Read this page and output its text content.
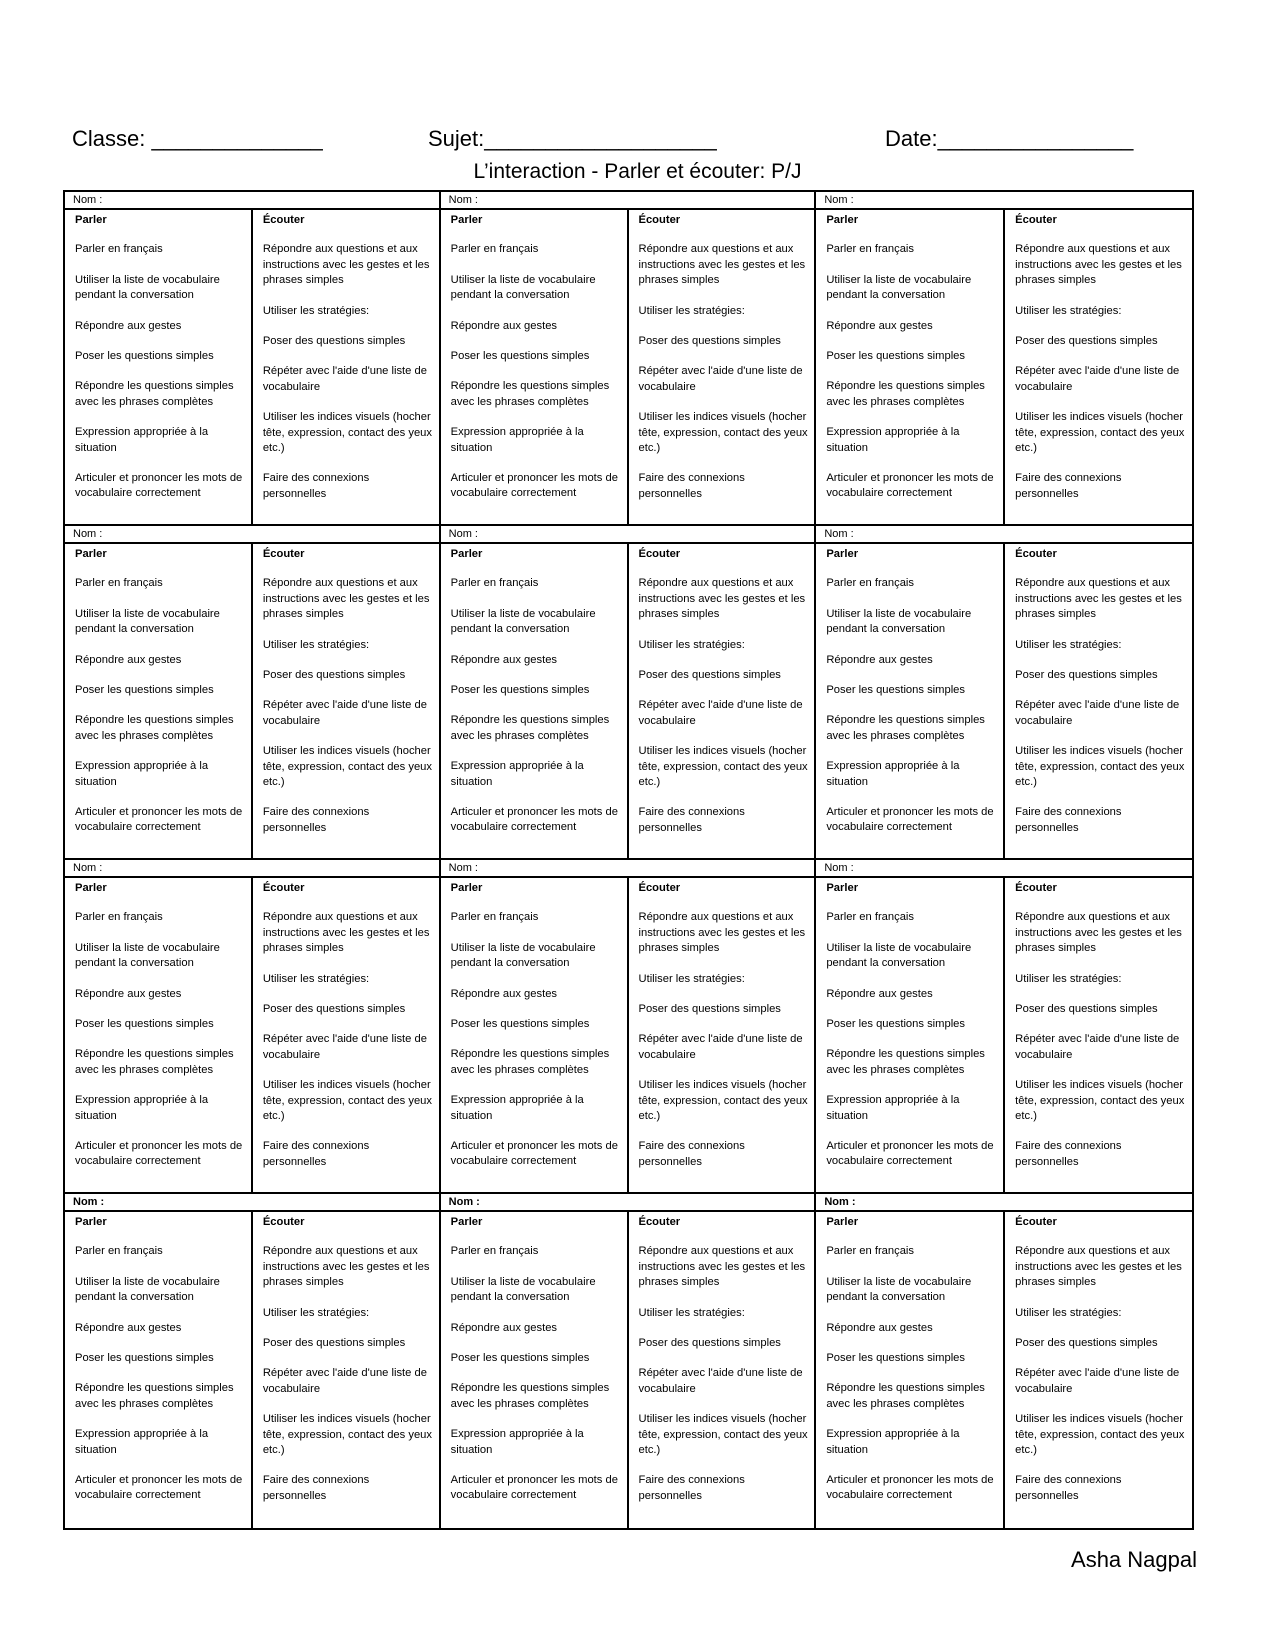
Classe: ______________	Sujet:___________________	Date:________________
L’interaction - Parler et écouter: P/J
Nom :
Parler
Parler en français
Utiliser la liste de vocabulaire pendant la conversation
Répondre aux gestes
Poser les questions simples
Répondre les questions simples avec les phrases complètes
Expression appropriée à la situation
Articuler et prononcer les mots de vocabulaire correctement
Écouter
Répondre aux questions et aux instructions avec les gestes et les phrases simples
Utiliser les stratégies:
Poser des questions simples
Répéter avec l'aide d'une liste de vocabulaire
Utiliser les indices visuels (hocher tête, expression, contact des yeux etc.)
Faire des connexions personnelles
Nom :
Parler
Parler en français
Utiliser la liste de vocabulaire pendant la conversation
Répondre aux gestes
Poser les questions simples
Répondre les questions simples avec les phrases complètes
Expression appropriée à la situation
Articuler et prononcer les mots de vocabulaire correctement
Écouter
Répondre aux questions et aux instructions avec les gestes et les phrases simples
Utiliser les stratégies:
Poser des questions simples
Répéter avec l'aide d'une liste de vocabulaire
Utiliser les indices visuels (hocher tête, expression, contact des yeux etc.)
Faire des connexions personnelles
Nom :
Parler
Parler en français
Utiliser la liste de vocabulaire pendant la conversation
Répondre aux gestes
Poser les questions simples
Répondre les questions simples avec les phrases complètes
Expression appropriée à la situation
Articuler et prononcer les mots de vocabulaire correctement
Écouter
Répondre aux questions et aux instructions avec les gestes et les phrases simples
Utiliser les stratégies:
Poser des questions simples
Répéter avec l'aide d'une liste de vocabulaire
Utiliser les indices visuels (hocher tête, expression, contact des yeux etc.)
Faire des connexions personnelles
Nom :
Parler
Parler en français
Utiliser la liste de vocabulaire pendant la conversation
Répondre aux gestes
Poser les questions simples
Répondre les questions simples avec les phrases complètes
Expression appropriée à la situation
Articuler et prononcer les mots de vocabulaire correctement
Écouter
Répondre aux questions et aux instructions avec les gestes et les phrases simples
Utiliser les stratégies:
Poser des questions simples
Répéter avec l'aide d'une liste de vocabulaire
Utiliser les indices visuels (hocher tête, expression, contact des yeux etc.)
Faire des connexions personnelles
Nom :
Parler
Parler en français
Utiliser la liste de vocabulaire pendant la conversation
Répondre aux gestes
Poser les questions simples
Répondre les questions simples avec les phrases complètes
Expression appropriée à la situation
Articuler et prononcer les mots de vocabulaire correctement
Écouter
Répondre aux questions et aux instructions avec les gestes et les phrases simples
Utiliser les stratégies:
Poser des questions simples
Répéter avec l'aide d'une liste de vocabulaire
Utiliser les indices visuels (hocher tête, expression, contact des yeux etc.)
Faire des connexions personnelles
Nom :
Parler
Parler en français
Utiliser la liste de vocabulaire pendant la conversation
Répondre aux gestes
Poser les questions simples
Répondre les questions simples avec les phrases complètes
Expression appropriée à la situation
Articuler et prononcer les mots de vocabulaire correctement
Écouter
Répondre aux questions et aux instructions avec les gestes et les phrases simples
Utiliser les stratégies:
Poser des questions simples
Répéter avec l'aide d'une liste de vocabulaire
Utiliser les indices visuels (hocher tête, expression, contact des yeux etc.)
Faire des connexions personnelles
Nom :
Parler
Parler en français
Utiliser la liste de vocabulaire pendant la conversation
Répondre aux gestes
Poser les questions simples
Répondre les questions simples avec les phrases complètes
Expression appropriée à la situation
Articuler et prononcer les mots de vocabulaire correctement
Écouter
Répondre aux questions et aux instructions avec les gestes et les phrases simples
Utiliser les stratégies:
Poser des questions simples
Répéter avec l'aide d'une liste de vocabulaire
Utiliser les indices visuels (hocher tête, expression, contact des yeux etc.)
Faire des connexions personnelles
Nom :
Parler
Parler en français
Utiliser la liste de vocabulaire pendant la conversation
Répondre aux gestes
Poser les questions simples
Répondre les questions simples avec les phrases complètes
Expression appropriée à la situation
Articuler et prononcer les mots de vocabulaire correctement
Écouter
Répondre aux questions et aux instructions avec les gestes et les phrases simples
Utiliser les stratégies:
Poser des questions simples
Répéter avec l'aide d'une liste de vocabulaire
Utiliser les indices visuels (hocher tête, expression, contact des yeux etc.)
Faire des connexions personnelles
Nom :
Parler
Parler en français
Utiliser la liste de vocabulaire pendant la conversation
Répondre aux gestes
Poser les questions simples
Répondre les questions simples avec les phrases complètes
Expression appropriée à la situation
Articuler et prononcer les mots de vocabulaire correctement
Écouter
Répondre aux questions et aux instructions avec les gestes et les phrases simples
Utiliser les stratégies:
Poser des questions simples
Répéter avec l'aide d'une liste de vocabulaire
Utiliser les indices visuels (hocher tête, expression, contact des yeux etc.)
Faire des connexions personnelles
Nom :
Parler
Parler en français
Utiliser la liste de vocabulaire pendant la conversation
Répondre aux gestes
Poser les questions simples
Répondre les questions simples avec les phrases complètes
Expression appropriée à la situation
Articuler et prononcer les mots de vocabulaire correctement
Écouter
Répondre aux questions et aux instructions avec les gestes et les phrases simples
Utiliser les stratégies:
Poser des questions simples
Répéter avec l'aide d'une liste de vocabulaire
Utiliser les indices visuels (hocher tête, expression, contact des yeux etc.)
Faire des connexions personnelles
Nom :
Parler
Parler en français
Utiliser la liste de vocabulaire pendant la conversation
Répondre aux gestes
Poser les questions simples
Répondre les questions simples avec les phrases complètes
Expression appropriée à la situation
Articuler et prononcer les mots de vocabulaire correctement
Écouter
Répondre aux questions et aux instructions avec les gestes et les phrases simples
Utiliser les stratégies:
Poser des questions simples
Répéter avec l'aide d'une liste de vocabulaire
Utiliser les indices visuels (hocher tête, expression, contact des yeux etc.)
Faire des connexions personnelles
Nom :
Parler
Parler en français
Utiliser la liste de vocabulaire pendant la conversation
Répondre aux gestes
Poser les questions simples
Répondre les questions simples avec les phrases complètes
Expression appropriée à la situation
Articuler et prononcer les mots de vocabulaire correctement
Écouter
Répondre aux questions et aux instructions avec les gestes et les phrases simples
Utiliser les stratégies:
Poser des questions simples
Répéter avec l'aide d'une liste de vocabulaire
Utiliser les indices visuels (hocher tête, expression, contact des yeux etc.)
Faire des connexions personnelles
Asha Nagpal
